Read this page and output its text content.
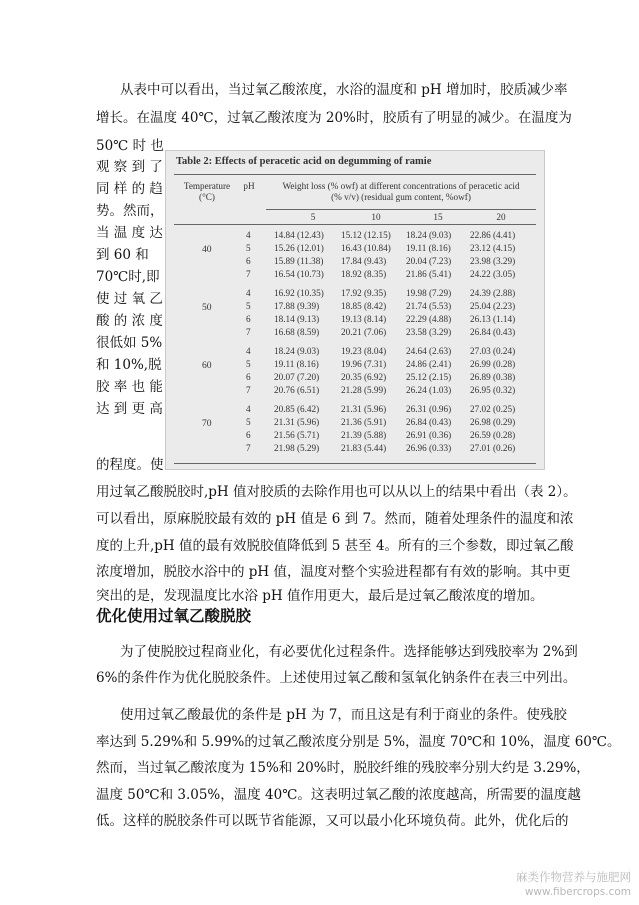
从表中可以看出，当过氧乙酸浓度，水浴的温度和 pH 增加时，胶质减少率
增长。在温度 40℃，过氧乙酸浓度为 20%时，胶质有了明显的减少。在温度为
50℃ 时 也
观 察 到 了
同 样 的 趋
势。然而，
当 温 度 达
到 60 和
70℃时,即
使 过 氧 乙
酸 的 浓 度
很低如 5%
和 10%,脱
胶 率 也 能
达 到 更 高
的程度。使
用过氧乙酸脱胶时,pH 值对胶质的去除作用也可以从以上的结果中看出（表 2）。
可以看出，原麻脱胶最有效的 pH 值是 6 到 7。然而，随着处理条件的温度和浓
度的上升,pH 值的最有效脱胶值降低到 5 甚至 4。所有的三个参数，即过氧乙酸
浓度增加，脱胶水浴中的 pH 值，温度对整个实验进程都有有效的影响。其中更
突出的是，发现温度比水浴 pH 值作用更大，最后是过氧乙酸浓度的增加。
优化使用过氧乙酸脱胶
为了使脱胶过程商业化，有必要优化过程条件。选择能够达到残胶率为 2%到
6%的条件作为优化脱胶条件。上述使用过氧乙酸和氢氧化钠条件在表三中列出。
使用过氧乙酸最优的条件是 pH 为 7，而且这是有利于商业的条件。使残胶
率达到 5.29%和 5.99%的过氧乙酸浓度分别是 5%，温度 70℃和 10%，温度 60℃。
然而，当过氧乙酸浓度为 15%和 20%时，脱胶纤维的残胶率分别大约是 3.29%，
温度 50℃和 3.05%，温度 40℃。这表明过氧乙酸的浓度越高，所需要的温度越
低。这样的脱胶条件可以既节省能源，又可以最小化环境负荷。此外，优化后的
Table 2: Effects of peracetic acid on degumming of ramie
Temperature
(°C)
pH	Weight loss (% owf) at different concentrations of peracetic acid
(% v/v) (residual gum content, %owf)
5	10	15	20
40
4	14.84 (12.43) 15.12 (12.15) 18.24 (9.03) 22.86 (4.41)
5	15.26 (12.01) 16.43 (10.84) 19.11 (8.16) 23.12 (4.15)
6	15.89 (11.38) 17.84 (9.43) 20.04 (7.23) 23.98 (3.29)
7	16.54 (10.73) 18.92 (8.35) 21.86 (5.41) 24.22 (3.05)
50
4	16.92 (10.35) 17.92 (9.35) 19.98 (7.29) 24.39 (2.88)
5	17.88 (9.39) 18.85 (8.42) 21.74 (5.53) 25.04 (2.23)
6	18.14 (9.13) 19.13 (8.14) 22.29 (4.88) 26.13 (1.14)
7	16.68 (8.59) 20.21 (7.06) 23.58 (3.29) 26.84 (0.43)
60
4	18.24 (9.03) 19.23 (8.04) 24.64 (2.63) 27.03 (0.24)
5	19.11 (8.16) 19.96 (7.31) 24.86 (2.41) 26.99 (0.28)
6	20.07 (7.20) 20.35 (6.92) 25.12 (2.15) 26.89 (0.38)
7	20.76 (6.51) 21.28 (5.99) 26.24 (1.03) 26.95 (0.32)
70
4	20.85 (6.42) 21.31 (5.96) 26.31 (0.96) 27.02 (0.25)
5	21.31 (5.96) 21.36 (5.91) 26.84 (0.43) 26.98 (0.29)
6	21.56 (5.71) 21.39 (5.88) 26.91 (0.36) 26.59 (0.28)
7	21.98 (5.29) 21.83 (5.44) 26.96 (0.33) 27.01 (0.26)
麻类作物营养与施肥网
www.fibercrops.com
